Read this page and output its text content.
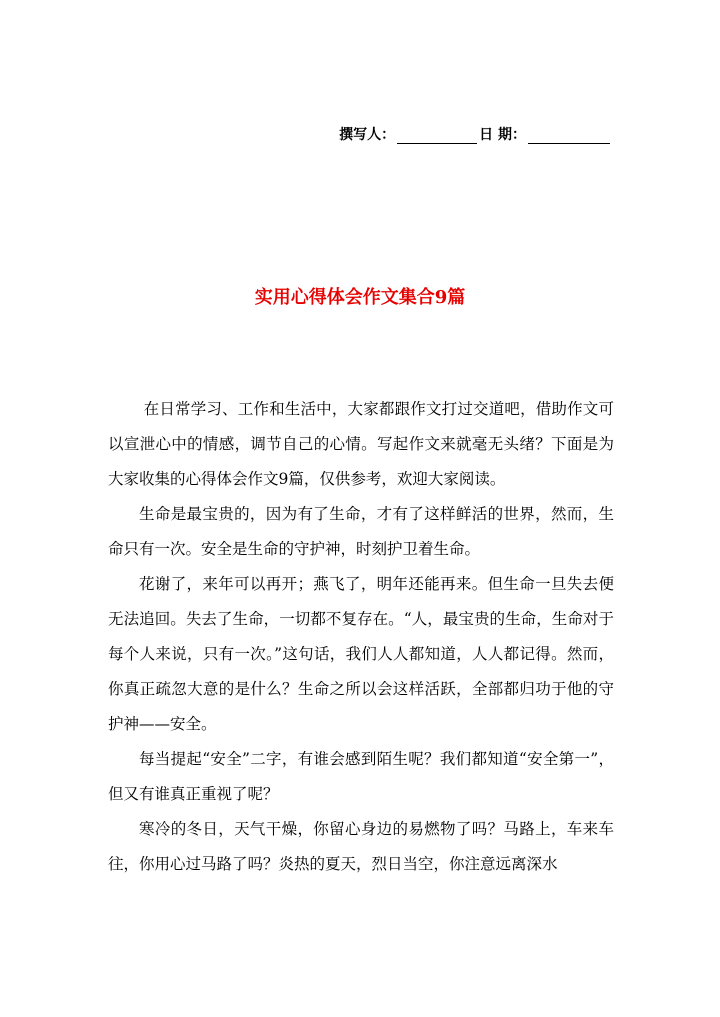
撰写人：	日 期：
实用心得体会作文集合9篇

在日常学习、工作和生活中，大家都跟作文打过交道吧，借助作文可以宣泄心中的情感，调节自己的心情。写起作文来就毫无头绪？下面是为大家收集的心得体会作文9篇，仅供参考，欢迎大家阅读。

生命是最宝贵的，因为有了生命，才有了这样鲜活的世界，然而，生命只有一次。安全是生命的守护神，时刻护卫着生命。

花谢了，来年可以再开；燕飞了，明年还能再来。但生命一旦失去便无法追回。失去了生命，一切都不复存在。“人，最宝贵的生命，生命对于每个人来说，只有一次。”这句话，我们人人都知道，人人都记得。然而，你真正疏忽大意的是什么？生命之所以会这样活跃，全部都归功于他的守护神——安全。

每当提起“安全”二字，有谁会感到陌生呢？我们都知道“安全第一”，但又有谁真正重视了呢？

寒冷的冬日，天气干燥，你留心身边的易燃物了吗？马路上，车来车往，你用心过马路了吗？炎热的夏天，烈日当空，你注意远离深水
